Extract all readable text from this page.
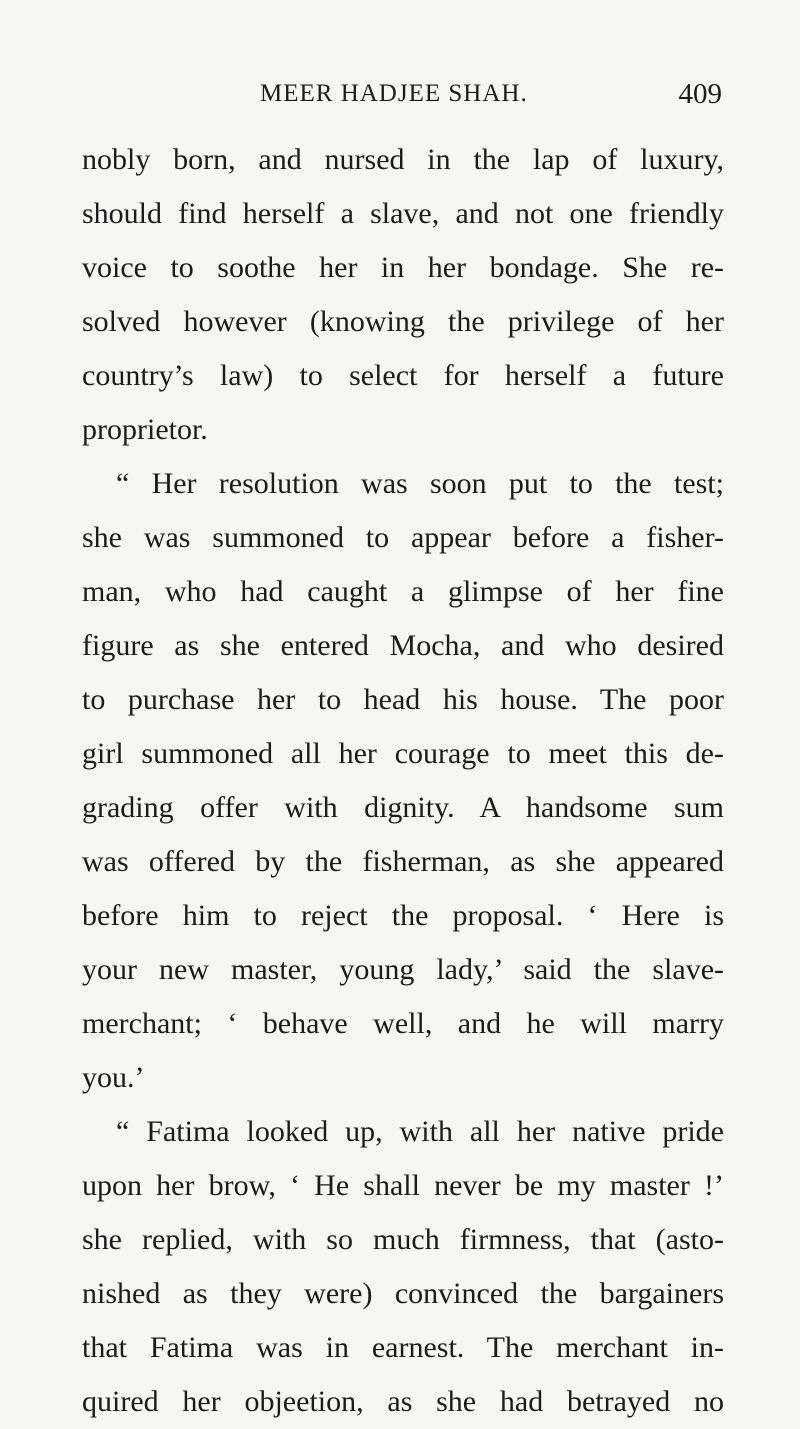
MEER HADJEE SHAH.	409
nobly born, and nursed in the lap of luxury,
should find herself a slave, and not one friendly
voice to soothe her in her bondage. She re-
solved however (knowing the privilege of her
country’s law) to select for herself a future
proprietor.
“ Her resolution was soon put to the test;
she was summoned to appear before a fisher-
man, who had caught a glimpse of her fine
figure as she entered Mocha, and who desired
to purchase her to head his house. The poor
girl summoned all her courage to meet this de-
grading offer with dignity. A handsome sum
was offered by the fisherman, as she appeared
before him to reject the proposal. ‘ Here is
your new master, young lady,’ said the slave-
merchant; ‘ behave well, and he will marry
you.’
“ Fatima looked up, with all her native pride
upon her brow, ‘ He shall never be my master !’
she replied, with so much firmness, that (asto-
nished as they were) convinced the bargainers
that Fatima was in earnest. The merchant in-
quired her objeetion, as she had betrayed no
